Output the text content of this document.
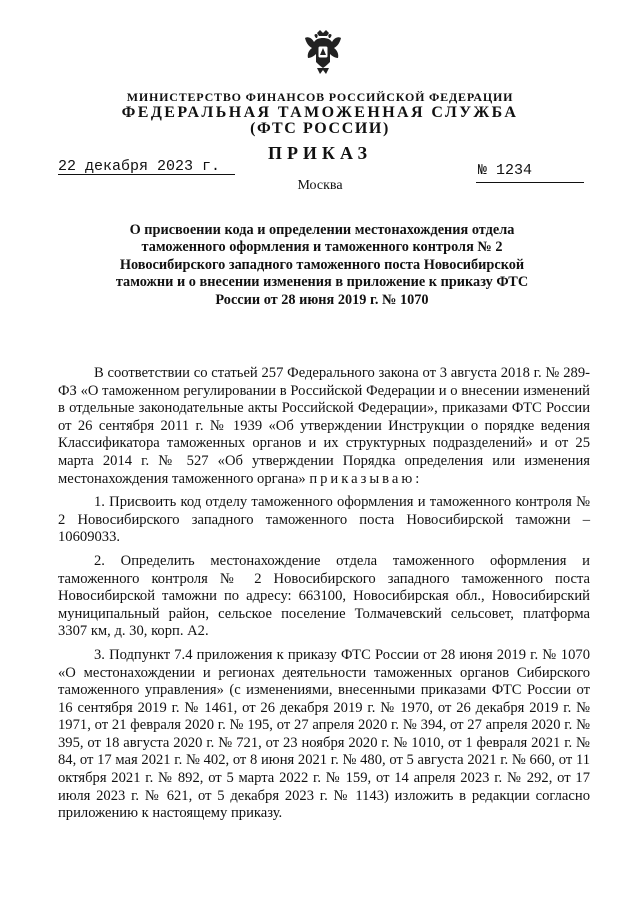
МИНИСТЕРСТВО ФИНАНСОВ РОССИЙСКОЙ ФЕДЕРАЦИИ
ФЕДЕРАЛЬНАЯ ТАМОЖЕННАЯ СЛУЖБА
(ФТС РОССИИ)
ПРИКАЗ
22 декабря 2023 г.	№ 1234
Москва
О присвоении кода и определении местонахождения отдела таможенного оформления и таможенного контроля № 2 Новосибирского западного таможенного поста Новосибирской таможни и о внесении изменения в приложение к приказу ФТС России от 28 июня 2019 г. № 1070

В соответствии со статьей 257 Федерального закона от 3 августа 2018 г. № 289-ФЗ «О таможенном регулировании в Российской Федерации и о внесении изменений в отдельные законодательные акты Российской Федерации», приказами ФТС России от 26 сентября 2011 г. № 1939 «Об утверждении Инструкции о порядке ведения Классификатора таможенных органов и их структурных подразделений» и от 25 марта 2014 г. № 527 «Об утверждении Порядка определения или изменения местонахождения таможенного органа» приказываю:

1. Присвоить код отделу таможенного оформления и таможенного контроля № 2 Новосибирского западного таможенного поста Новосибирской таможни – 10609033.

2. Определить местонахождение отдела таможенного оформления и таможенного контроля № 2 Новосибирского западного таможенного поста Новосибирской таможни по адресу: 663100, Новосибирская обл., Новосибирский муниципальный район, сельское поселение Толмачевский сельсовет, платформа 3307 км, д. 30, корп. А2.

3. Подпункт 7.4 приложения к приказу ФТС России от 28 июня 2019 г. № 1070 «О местонахождении и регионах деятельности таможенных органов Сибирского таможенного управления» (с изменениями, внесенными приказами ФТС России от 16 сентября 2019 г. № 1461, от 26 декабря 2019 г. № 1970, от 26 декабря 2019 г. № 1971, от 21 февраля 2020 г. № 195, от 27 апреля 2020 г. № 394, от 27 апреля 2020 г. № 395, от 18 августа 2020 г. № 721, от 23 ноября 2020 г. № 1010, от 1 февраля 2021 г. № 84, от 17 мая 2021 г. № 402, от 8 июня 2021 г. № 480, от 5 августа 2021 г. № 660, от 11 октября 2021 г. № 892, от 5 марта 2022 г. № 159, от 14 апреля 2023 г. № 292, от 17 июля 2023 г. № 621, от 5 декабря 2023 г. № 1143) изложить в редакции согласно приложению к настоящему приказу.
